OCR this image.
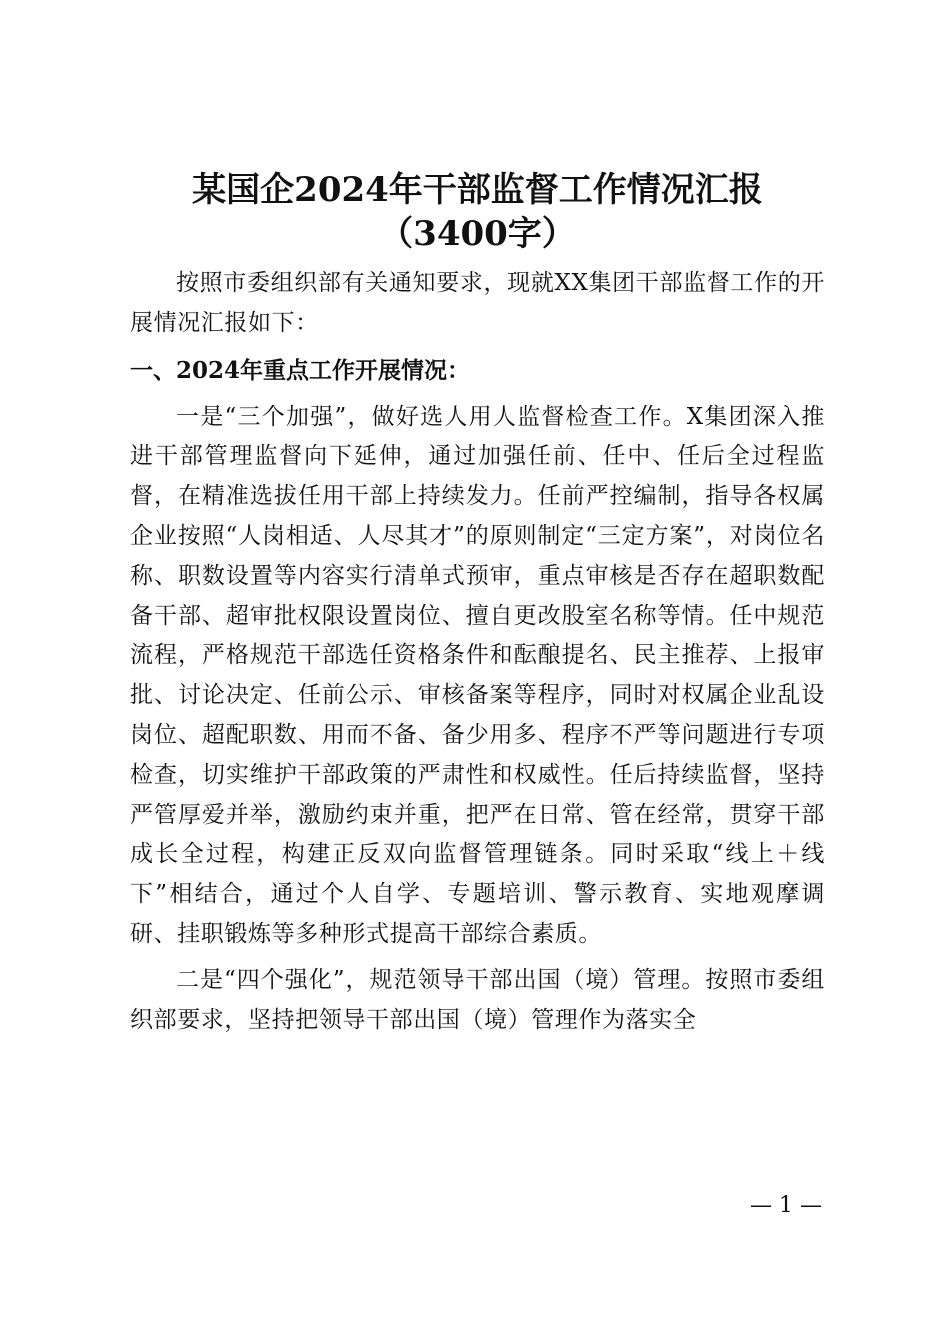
某国企2024年干部监督工作情况汇报（3400字）

按照市委组织部有关通知要求，现就XX集团干部监督工作的开展情况汇报如下：

一、2024年重点工作开展情况：

一是“三个加强”，做好选人用人监督检查工作。X集团深入推进干部管理监督向下延伸，通过加强任前、任中、任后全过程监督，在精准选拔任用干部上持续发力。任前严控编制，指导各权属企业按照“人岗相适、人尽其才”的原则制定“三定方案”，对岗位名称、职数设置等内容实行清单式预审，重点审核是否存在超职数配备干部、超审批权限设置岗位、擅自更改股室名称等情。任中规范流程，严格规范干部选任资格条件和酝酿提名、民主推荐、上报审批、讨论决定、任前公示、审核备案等程序，同时对权属企业乱设岗位、超配职数、用而不备、备少用多、程序不严等问题进行专项检查，切实维护干部政策的严肃性和权威性。任后持续监督，坚持严管厚爱并举，激励约束并重，把严在日常、管在经常，贯穿干部成长全过程，构建正反双向监督管理链条。同时采取“线上＋线下”相结合，通过个人自学、专题培训、警示教育、实地观摩调研、挂职锻炼等多种形式提高干部综合素质。

二是“四个强化”，规范领导干部出国（境）管理。按照市委组织部要求，坚持把领导干部出国（境）管理作为落实全

— 1 —
